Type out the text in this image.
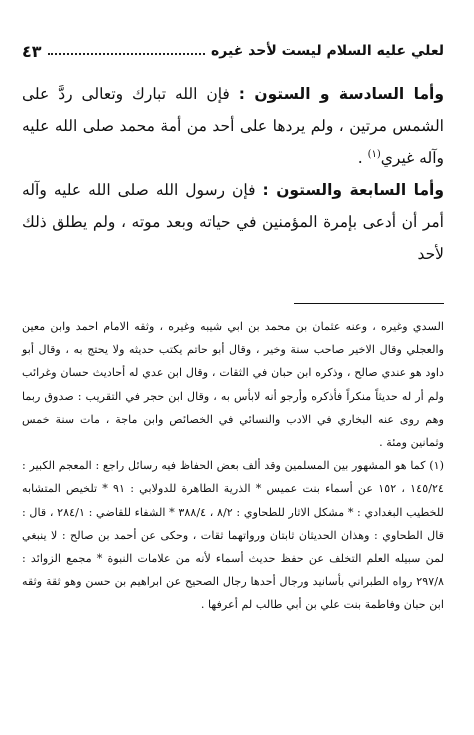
لعلي عليه السلام ليست لأحد غيره
٤٣

وأما السادسة و الستون : فإن الله تبارك وتعالى ردَّ على الشمس مرتين ، ولم يردها على أحد من أمة محمد صلى الله عليه وآله غيري$^{(١)}$ .

وأما السابعة والستون : فإن رسول الله صلى الله عليه وآله أمر أن أدعى بإمرة المؤمنين في حياته وبعد موته ، ولم يطلق ذلك لأحد

السدي وغيره ، وعنه عثمان بن محمد بن ابي شيبه وغيره ، وثقه الامام احمد وابن معين والعجلي وقال الاخير صاحب سنة وخير ، وقال أبو حاتم يكتب حديثه ولا يحتج به ، وقال أبو داود هو عندي صالح ، وذكره ابن حبان في الثقات ، وقال ابن عدي له أحاديث حسان وغرائب ولم أر له حديثاً منكراً فأذكره وأرجو أنه لابأس به ، وقال ابن حجر في التقريب : صدوق ربما وهم روى عنه البخاري في الادب والنسائي في الخصائص وابن ماجة ، مات سنة خمس وثمانين ومئة .

(١) كما هو المشهور بين المسلمين وقد ألف بعض الحفاظ فيه رسائل راجع : المعجم الكبير : ١٤٥/٢٤ ، ١٥٢ عن أسماء بنت عميس * الذرية الطاهرة للدولابي : ٩١ * تلخيص المتشابه للخطيب البغدادي : * مشكل الاثار للطحاوي : ٨/٢ ، ٣٨٨/٤ * الشفاء للقاضي : ٢٨٤/١ ، قال : قال الطحاوي : وهذان الحديثان ثابتان ورواتهما ثقات ، وحكى عن أحمد بن صالح : لا ينبغي لمن سبيله العلم التخلف عن حفظ حديث أسماء لأنه من علامات النبوة * مجمع الزوائد : ٢٩٧/٨ رواه الطبراني بأسانيد ورجال أحدها رجال الصحيح عن ابراهيم بن حسن وهو ثقة وثقه ابن حبان وفاطمة بنت علي بن أبي طالب لم أعرفها .
